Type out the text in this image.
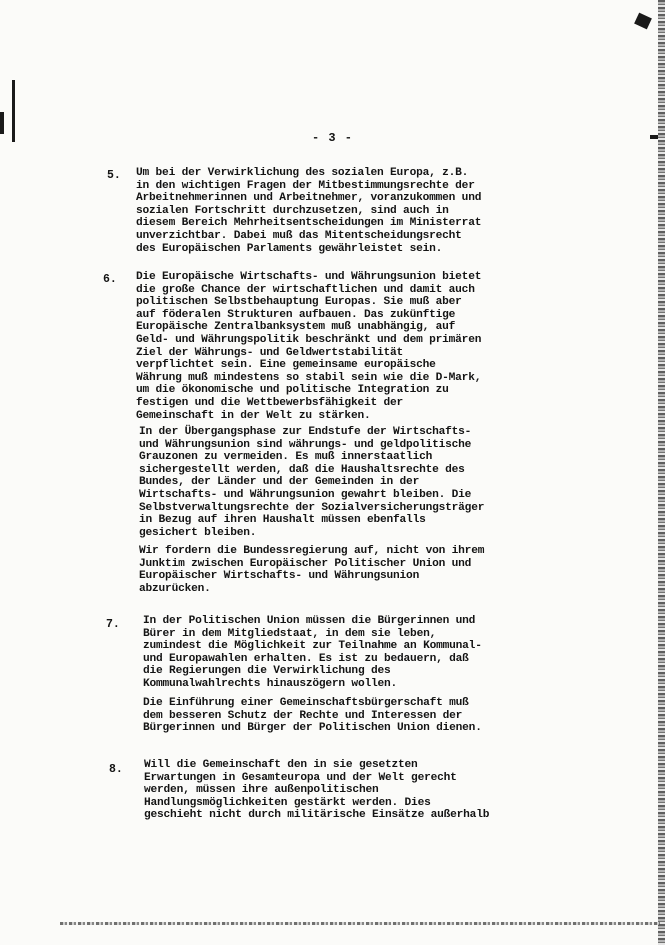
- 3 -
5. Um bei der Verwirklichung des sozialen Europa, z.B.
in den wichtigen Fragen der Mitbestimmungsrechte der
Arbeitnehmerinnen und Arbeitnehmer, voranzukommen und
sozialen Fortschritt durchzusetzen, sind auch in
diesem Bereich Mehrheitsentscheidungen im Ministerrat
unverzichtbar. Dabei muß das Mitentscheidungsrecht
des Europäischen Parlaments gewährleistet sein.
6. Die Europäische Wirtschafts- und Währungsunion bietet
die große Chance der wirtschaftlichen und damit auch
politischen Selbstbehauptung Europas. Sie muß aber
auf föderalen Strukturen aufbauen. Das zukünftige
Europäische Zentralbanksystem muß unabhängig, auf
Geld- und Währungspolitik beschränkt und dem primären
Ziel der Währungs- und Geldwertstabilität
verpflichtet sein. Eine gemeinsame europäische
Währung muß mindestens so stabil sein wie die D-Mark,
um die ökonomische und politische Integration zu
festigen und die Wettbewerbsfähigkeit der
Gemeinschaft in der Welt zu stärken.
In der Übergangsphase zur Endstufe der Wirtschafts-
und Währungsunion sind währungs- und geldpolitische
Grauzonen zu vermeiden. Es muß innerstaatlich
sichergestellt werden, daß die Haushaltsrechte des
Bundes, der Länder und der Gemeinden in der
Wirtschafts- und Währungsunion gewahrt bleiben. Die
Selbstverwaltungsrechte der Sozialversicherungsträger
in Bezug auf ihren Haushalt müssen ebenfalls
gesichert bleiben.
Wir fordern die Bundessregierung auf, nicht von ihrem
Junktim zwischen Europäischer Politischer Union und
Europäischer Wirtschafts- und Währungsunion
abzurücken.
7. In der Politischen Union müssen die Bürgerinnen und
Bürer in dem Mitgliedstaat, in dem sie leben,
zumindest die Möglichkeit zur Teilnahme an Kommunal-
und Europawahlen erhalten. Es ist zu bedauern, daß
die Regierungen die Verwirklichung des
Kommunalwahlrechts hinauszögern wollen.
Die Einführung einer Gemeinschaftsbürgerschaft muß
dem besseren Schutz der Rechte und Interessen der
Bürgerinnen und Bürger der Politischen Union dienen.
8. Will die Gemeinschaft den in sie gesetzten
Erwartungen in Gesamteuropa und der Welt gerecht
werden, müssen ihre außenpolitischen
Handlungsmöglichkeiten gestärkt werden. Dies
geschieht nicht durch militärische Einsätze außerhalb
